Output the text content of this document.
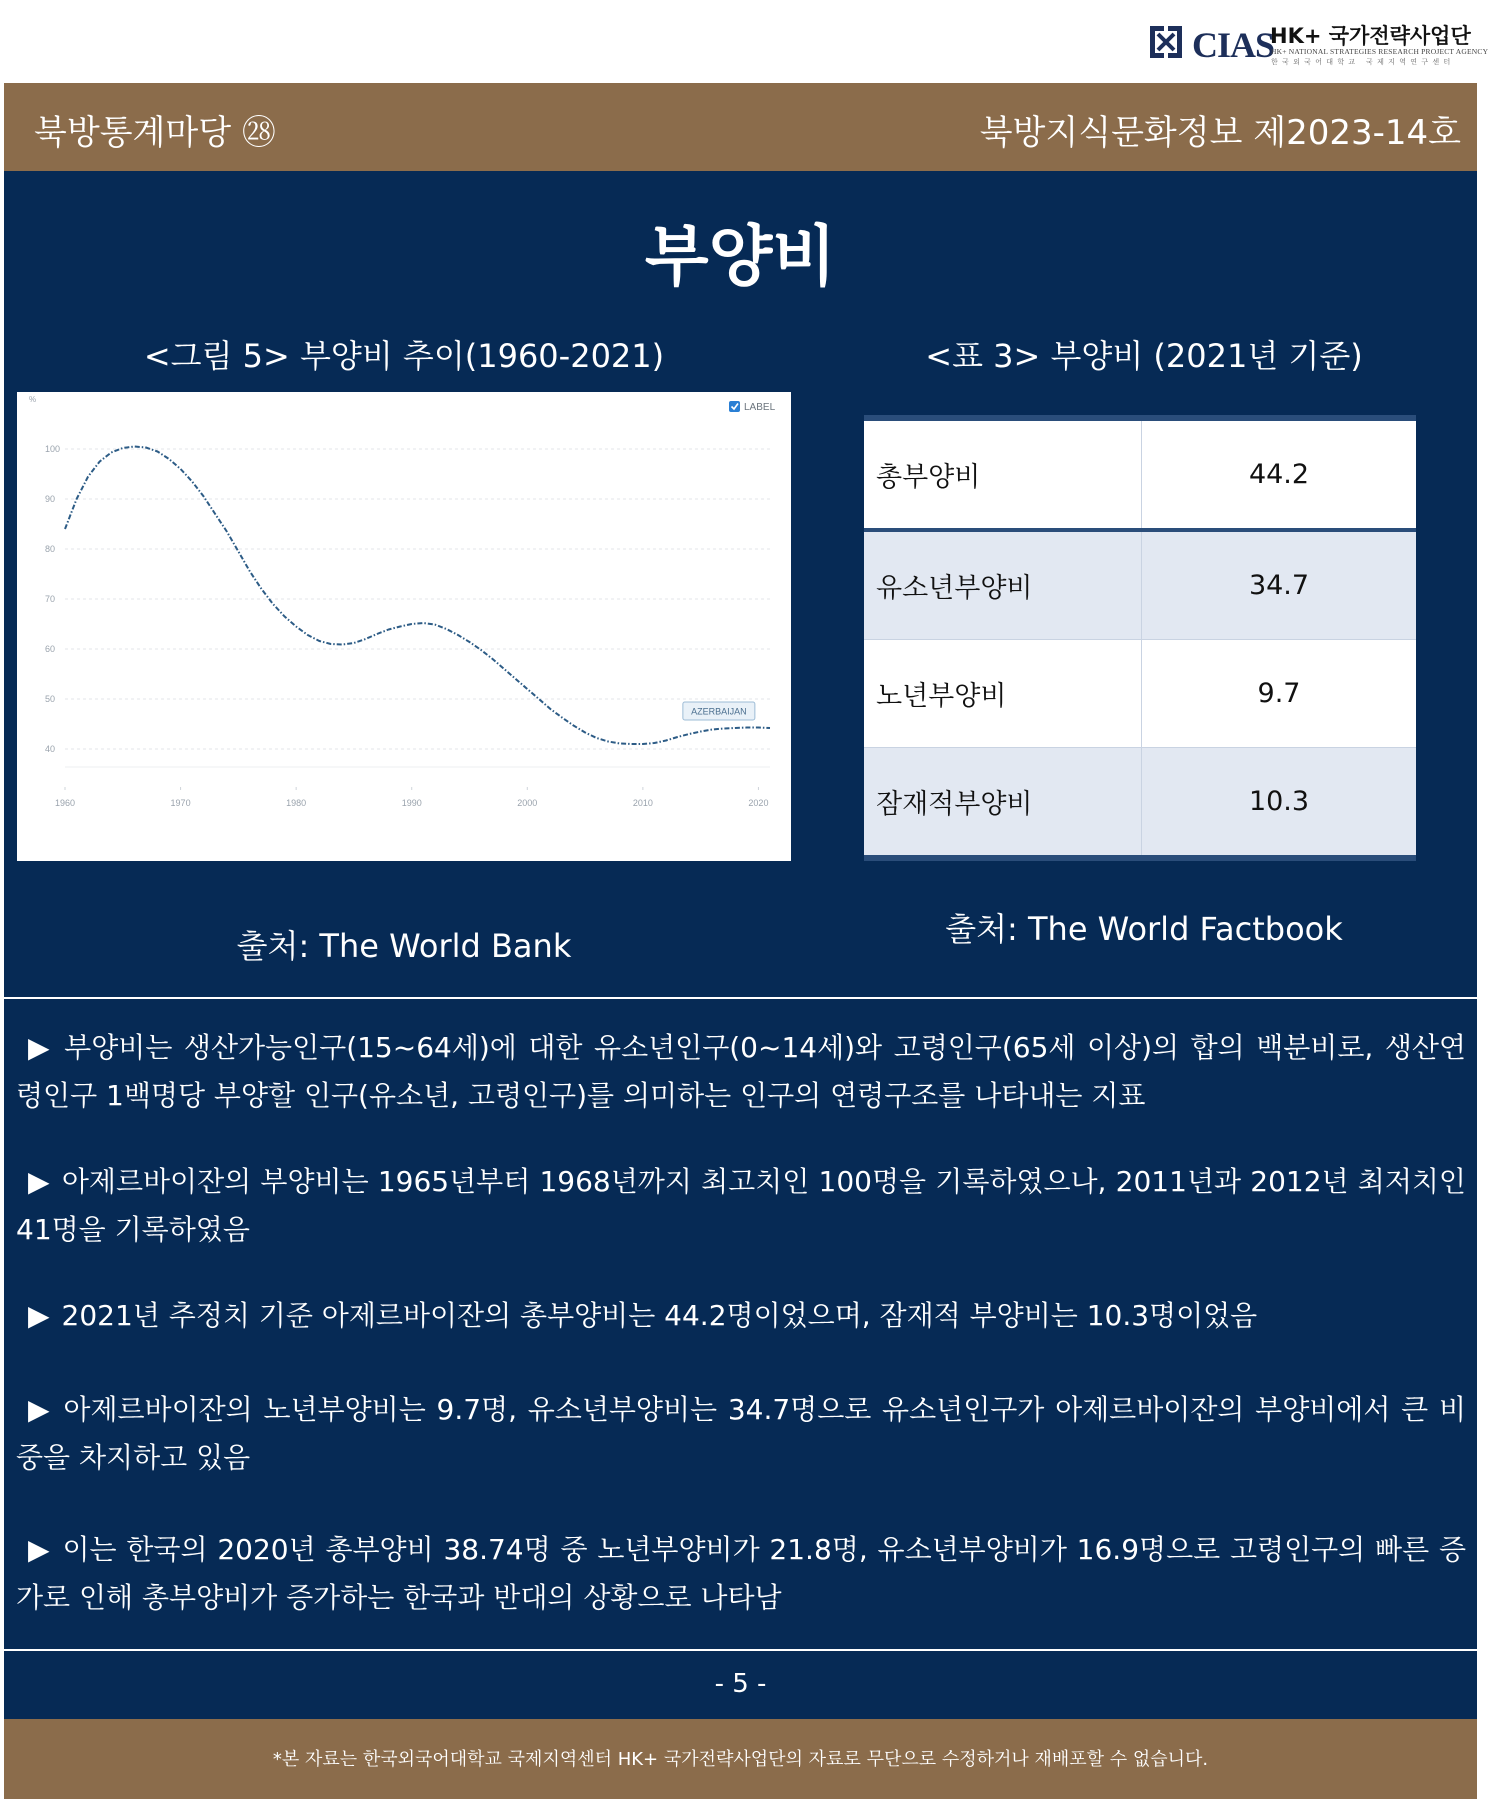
CIAS
HK+ 국가전략사업단
HK+ NATIONAL STRATEGIES RESEARCH PROJECT AGENCY
한국외국어대학교 국제지역연구센터
북방통계마당 ㉘	북방지식문화정보 제2023-14호
부양비
<그림 5> 부양비 추이(1960-2021)	<표 3> 부양비 (2021년 기준)
40
50
60
70
80
90
100
%
1960	1970	1980	1990	2000	2010	2020
AZERBAIJAN
LABEL
총부양비	44.2
유소년부양비	34.7
노년부양비	9.7
잠재적부양비	10.3
출처: The World Bank	출처: The World Factbook
▶ 부양비는 생산가능인구(15~64세)에 대한 유소년인구(0~14세)와 고령인구(65세 이상)의 합의 백분비로, 생산연령인구 1백명당 부양할 인구(유소년, 고령인구)를 의미하는 인구의 연령구조를 나타내는 지표
▶ 아제르바이잔의 부양비는 1965년부터 1968년까지 최고치인 100명을 기록하였으나, 2011년과 2012년 최저치인 41명을 기록하였음
▶ 2021년 추정치 기준 아제르바이잔의 총부양비는 44.2명이었으며, 잠재적 부양비는 10.3명이었음
▶ 아제르바이잔의 노년부양비는 9.7명, 유소년부양비는 34.7명으로 유소년인구가 아제르바이잔의 부양비에서 큰 비중을 차지하고 있음
▶ 이는 한국의 2020년 총부양비 38.74명 중 노년부양비가 21.8명, 유소년부양비가 16.9명으로 고령인구의 빠른 증가로 인해 총부양비가 증가하는 한국과 반대의 상황으로 나타남
- 5 -
*본 자료는 한국외국어대학교 국제지역센터 HK+ 국가전략사업단의 자료로 무단으로 수정하거나 재배포할 수 없습니다.
